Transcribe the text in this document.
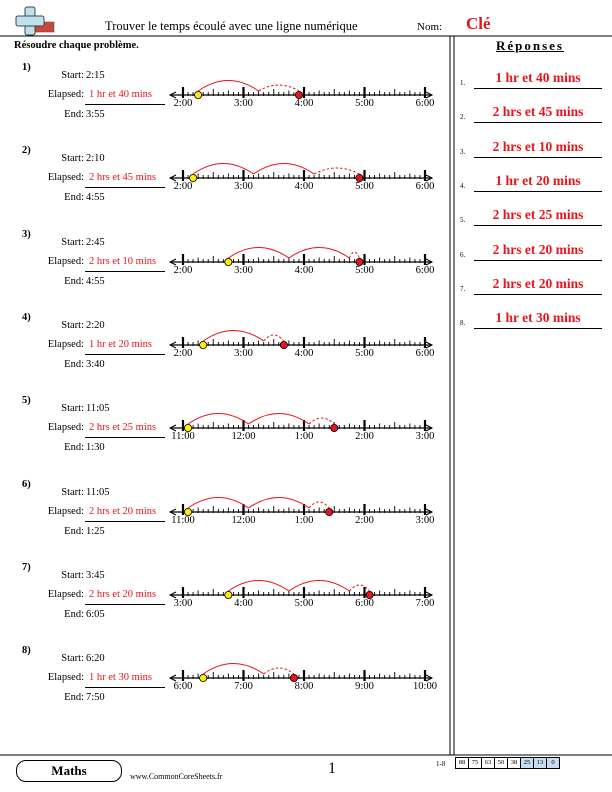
Trouver le temps écoulé avec une ligne numérique	Nom: Clé
Résoudre chaque problème.	Réponses
1.	1 hr et 40 mins
2.	2 hrs et 45 mins
3.	2 hrs et 10 mins
4.	1 hr et 20 mins
5.	2 hrs et 25 mins
6.	2 hrs et 20 mins
7.	2 hrs et 20 mins
8.	1 hr et 30 mins
1)
Start: 2:15
Elapsed: 1 hr et 40 mins
End: 3:55
2:00	3:00	4:00	5:00	6:00
2)
Start: 2:10
Elapsed: 2 hrs et 45 mins
End: 4:55
2:00	3:00	4:00	5:00	6:00
3)
Start: 2:45
Elapsed: 2 hrs et 10 mins
End: 4:55
2:00	3:00	4:00	5:00	6:00
4)
Start: 2:20
Elapsed: 1 hr et 20 mins
End: 3:40
2:00	3:00	4:00	5:00	6:00
5)
Start: 11:05
Elapsed: 2 hrs et 25 mins
End: 1:30
11:00	12:00	1:00	2:00	3:00
6)
Start: 11:05
Elapsed: 2 hrs et 20 mins
End: 1:25
11:00	12:00	1:00	2:00	3:00
7)
Start: 3:45
Elapsed: 2 hrs et 20 mins
End: 6:05
3:00	4:00	5:00	6:00	7:00
8)
Start: 6:20
Elapsed: 1 hr et 30 mins
End: 7:50
6:00	7:00	8:00	9:00	10:00
Maths	www.CommonCoreSheets.fr	1	1-8	88	75	63	50	38	25	13	0
